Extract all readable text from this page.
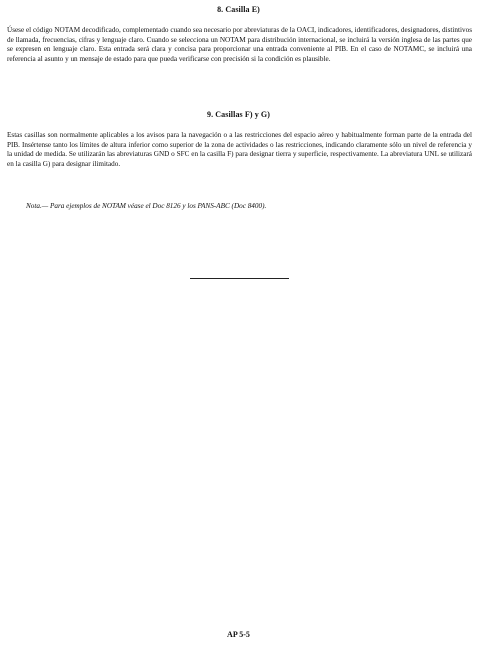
8. Casilla E)

Úsese el código NOTAM decodificado, complementado cuando sea necesario por abreviaturas de la OACI, indicadores, identificadores, designadores, distintivos de llamada, frecuencias, cifras y lenguaje claro. Cuando se selecciona un NOTAM para distribución internacional, se incluirá la versión inglesa de las partes que se expresen en lenguaje claro. Esta entrada será clara y concisa para proporcionar una entrada conveniente al PIB. En el caso de NOTAMC, se incluirá una referencia al asunto y un mensaje de estado para que pueda verificarse con precisión si la condición es plausible.

9. Casillas F) y G)

Estas casillas son normalmente aplicables a los avisos para la navegación o a las restricciones del espacio aéreo y habitualmente forman parte de la entrada del PIB. Insértense tanto los límites de altura inferior como superior de la zona de actividades o las restricciones, indicando claramente sólo un nivel de referencia y la unidad de medida. Se utilizarán las abreviaturas GND o SFC en la casilla F) para designar tierra y superficie, respectivamente. La abreviatura UNL se utilizará en la casilla G) para designar ilimitado.

Nota.— Para ejemplos de NOTAM véase el Doc 8126 y los PANS-ABC (Doc 8400).

AP 5-5
